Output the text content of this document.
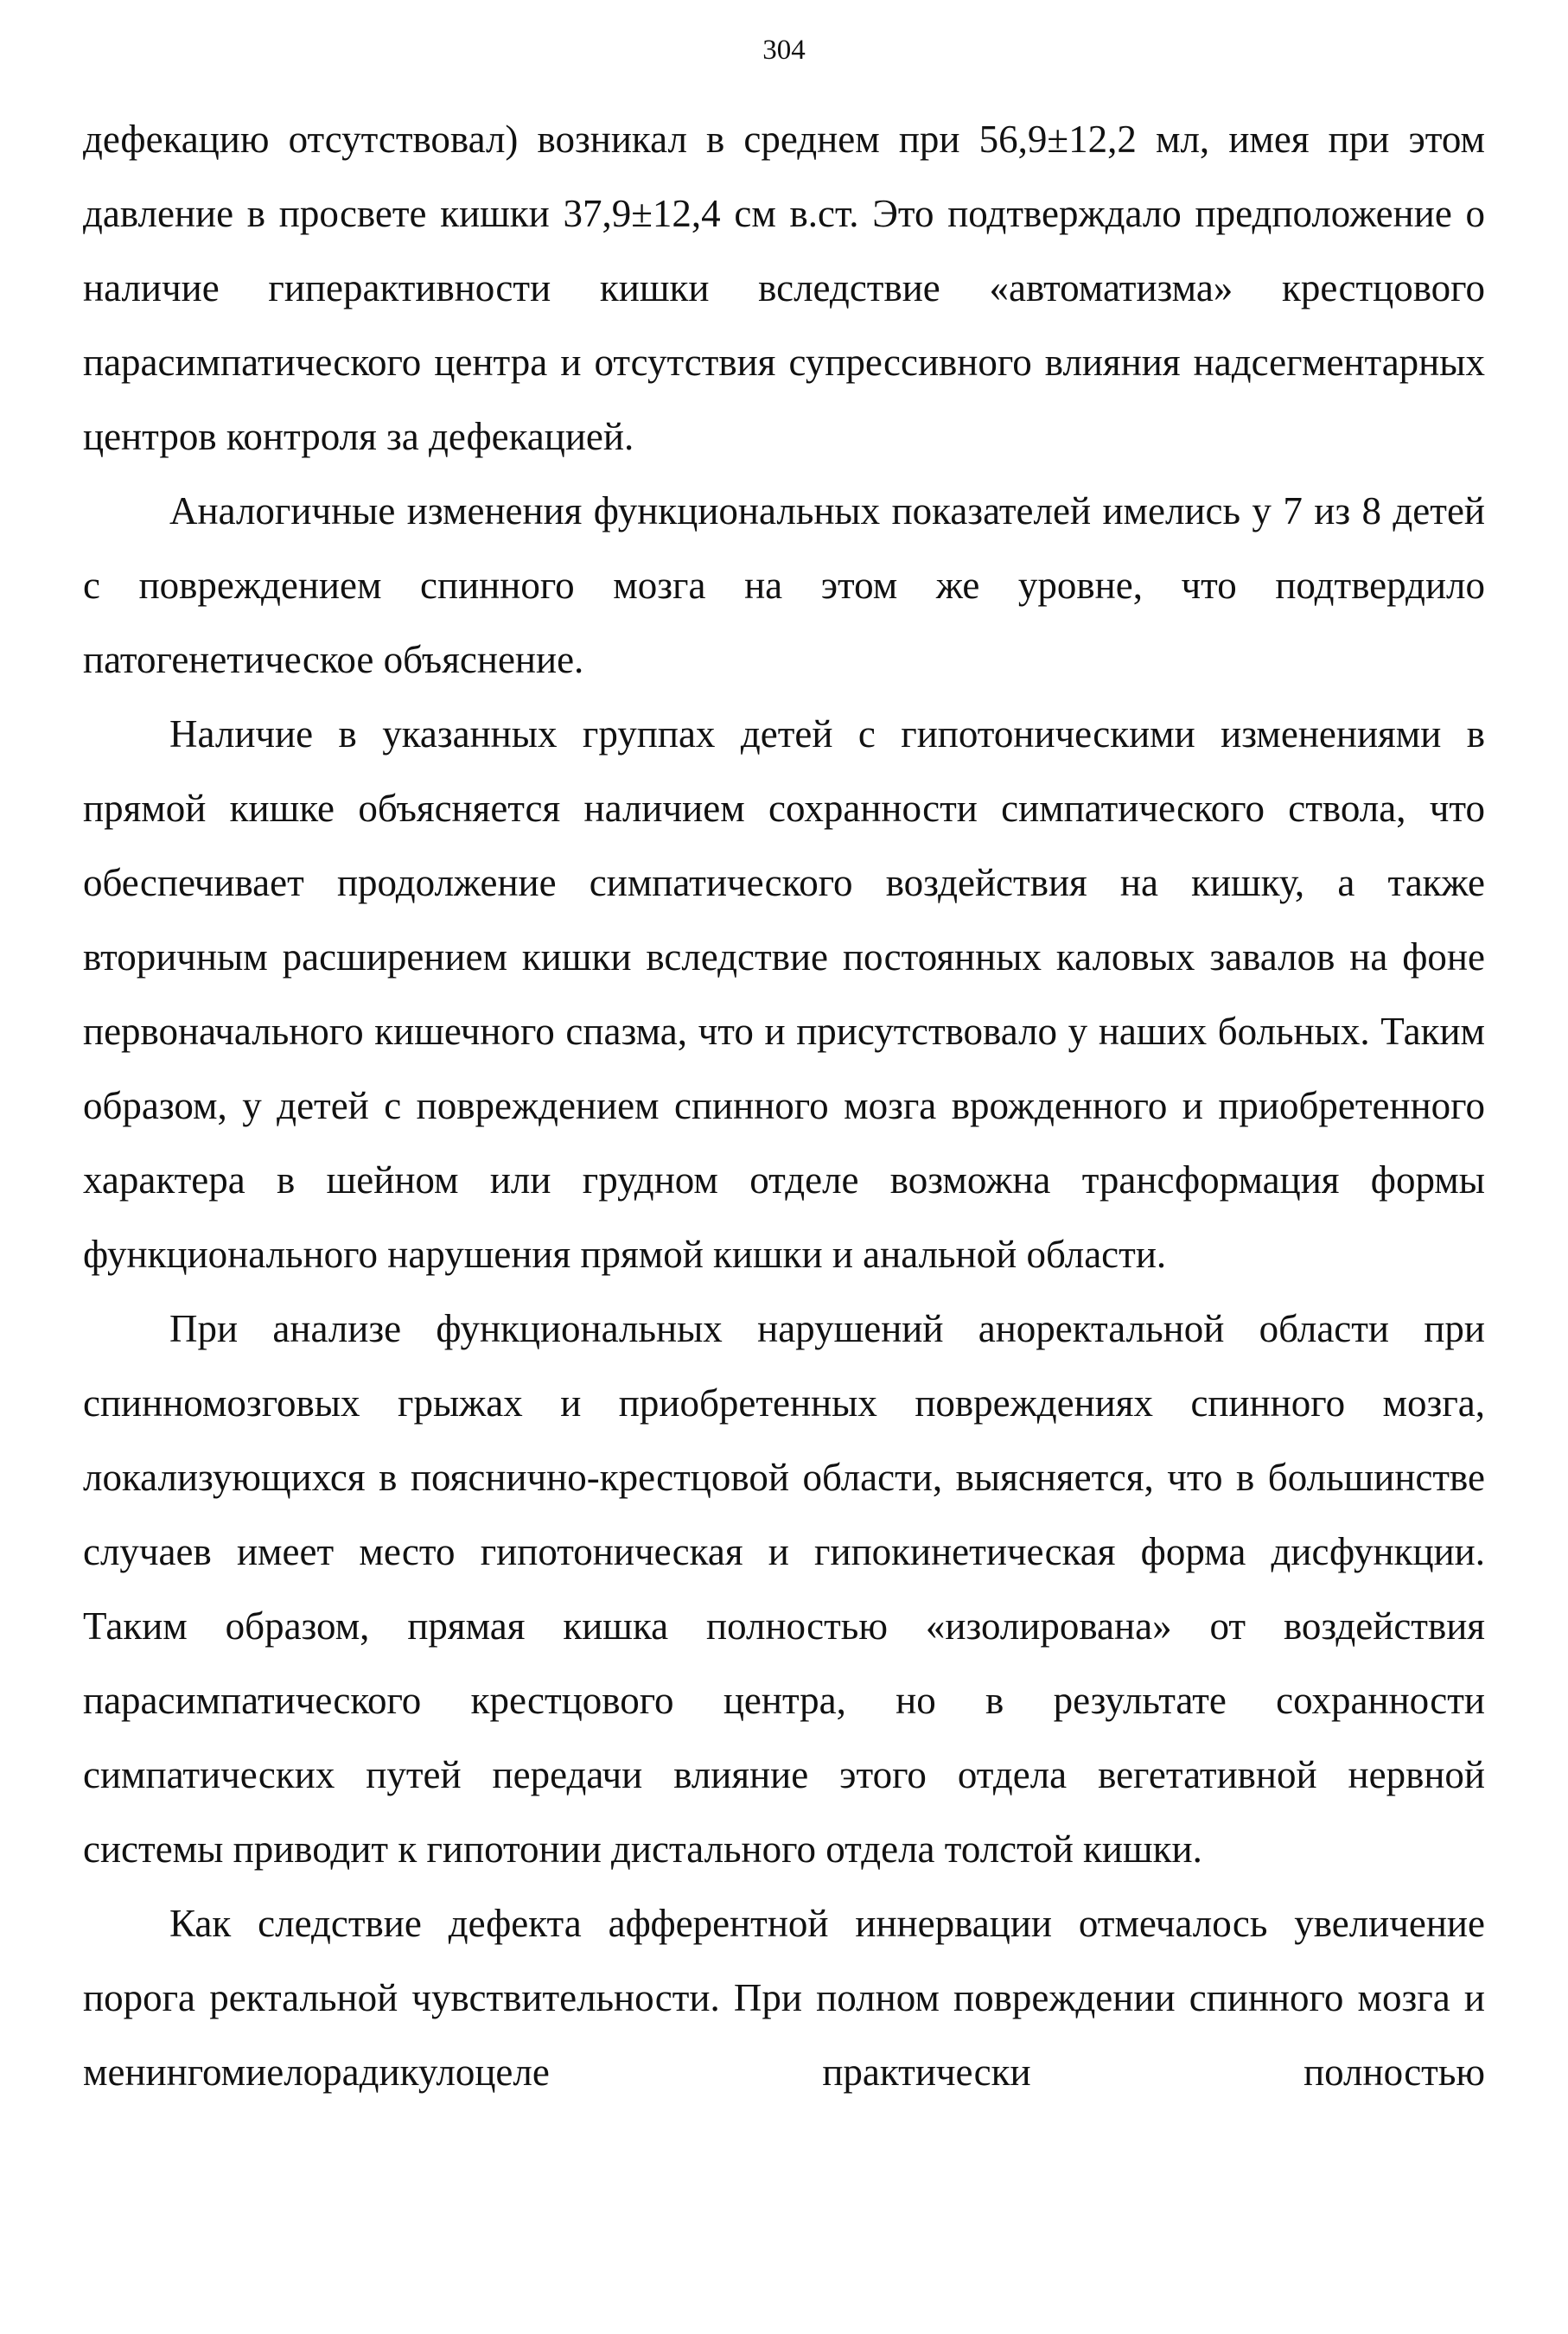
304

дефекацию отсутствовал) возникал в среднем при 56,9±12,2 мл, имея при этом давление в просвете кишки 37,9±12,4 см в.ст. Это подтверждало предположение о наличие гиперактивности кишки вследствие «автоматизма» крестцового парасимпатического центра и отсутствия супрессивного влияния надсегментарных центров контроля за дефекацией.

Аналогичные изменения функциональных показателей имелись у 7 из 8 детей с повреждением спинного мозга на этом же уровне, что подтвердило патогенетическое объяснение.

Наличие в указанных группах детей с гипотоническими изменениями в прямой кишке объясняется наличием сохранности симпатического ствола, что обеспечивает продолжение симпатического воздействия на кишку, а также вторичным расширением кишки вследствие постоянных каловых завалов на фоне первоначального кишечного спазма, что и присутствовало у наших больных. Таким образом, у детей с повреждением спинного мозга врожденного и приобретенного характера в шейном или грудном отделе возможна трансформация формы функционального нарушения прямой кишки и анальной области.

При анализе функциональных нарушений аноректальной области при спинномозговых грыжах и приобретенных повреждениях спинного мозга, локализующихся в пояснично-крестцовой области, выясняется, что в большинстве случаев имеет место гипотоническая и гипокинетическая форма дисфункции. Таким образом, прямая кишка полностью «изолирована» от воздействия парасимпатического крестцового центра, но в результате сохранности симпатических путей передачи влияние этого отдела вегетативной нервной системы приводит к гипотонии дистального отдела толстой кишки.

Как следствие дефекта афферентной иннервации отмечалось увеличение порога ректальной чувствительности. При полном повреждении спинного мозга и менингомиелорадикулоцеле практически полностью
